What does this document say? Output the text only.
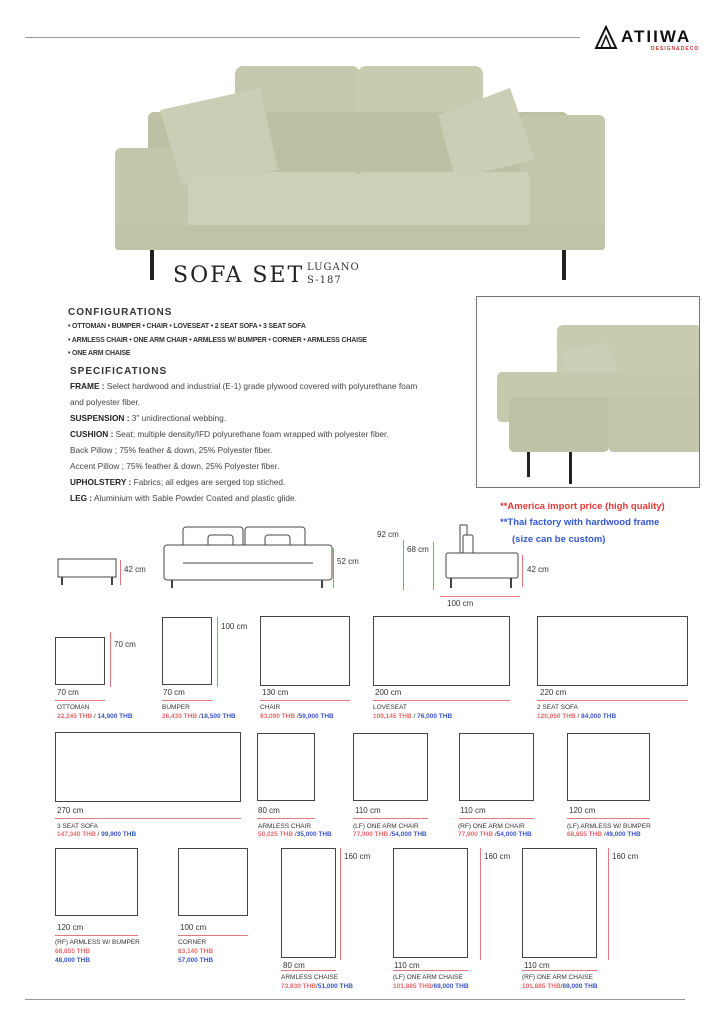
ATIIWA
DESIGN&DECO
SOFA SET LUGANO
S-187
CONFIGURATIONS
• OTTOMAN • BUMPER • CHAIR • LOVESEAT • 2 SEAT SOFA • 3 SEAT SOFA
• ARMLESS CHAIR • ONE ARM CHAIR • ARMLESS W/ BUMPER • CORNER • ARMLESS CHAISE
• ONE ARM CHAISE
SPECIFICATIONS
FRAME : Select hardwood and industrial (E-1) grade plywood covered with polyurethane foam
and polyester fiber.
SUSPENSION : 3" unidirectional webbing.
CUSHION : Seat; multiple density/IFD polyurethane foam wrapped with polyester fiber.
Back Pillow ; 75% feather & down, 25% Polyester fiber.
Accent Pillow ; 75% feather & down, 25% Polyester fiber.
UPHOLSTERY : Fabrics; all edges are serged top stiched.
LEG : Aluminium with Sable Powder Coated and plastic glide.
**America import price (high quality)
**Thai factory with hardwood frame
(size can be custom)
42 cm
52 cm
92 cm
68 cm
42 cm
100 cm
70 cm
70 cm
OTTOMAN
22,245 THB / 14,900 THB
100 cm
70 cm
BUMPER
26,430 THB /18,500 THB
130 cm
CHAIR
93,090 THB /59,000 THB
200 cm
LOVESEAT
109,145 THB / 76,000 THB
220 cm
2 SEAT SOFA
120,050 THB / 84,000 THB
270 cm
3 SEAT SOFA
147,340 THB / 99,900 THB
80 cm
ARMLESS CHAIR
50,025 THB /35,000 THB
110 cm
(LF) ONE ARM CHAIR
77,900 THB /54,000 THB
110 cm
(RF) ONE ARM CHAIR
77,900 THB /54,000 THB
120 cm
(LF) ARMLESS W/ BUMPER
68,855 THB /49,000 THB
120 cm
(RF) ARMLESS W/ BUMPER
68,855 THB
48,000 THB
100 cm
CORNER
83,140 THB
57,000 THB
160 cm
80 cm
ARMLESS CHAISE
73,830 THB/51,000 THB
160 cm
110 cm
(LF) ONE ARM CHAISE
101,885 THB/69,000 THB
160 cm
110 cm
(RF) ONE ARM CHAISE
101,885 THB/69,000 THB
